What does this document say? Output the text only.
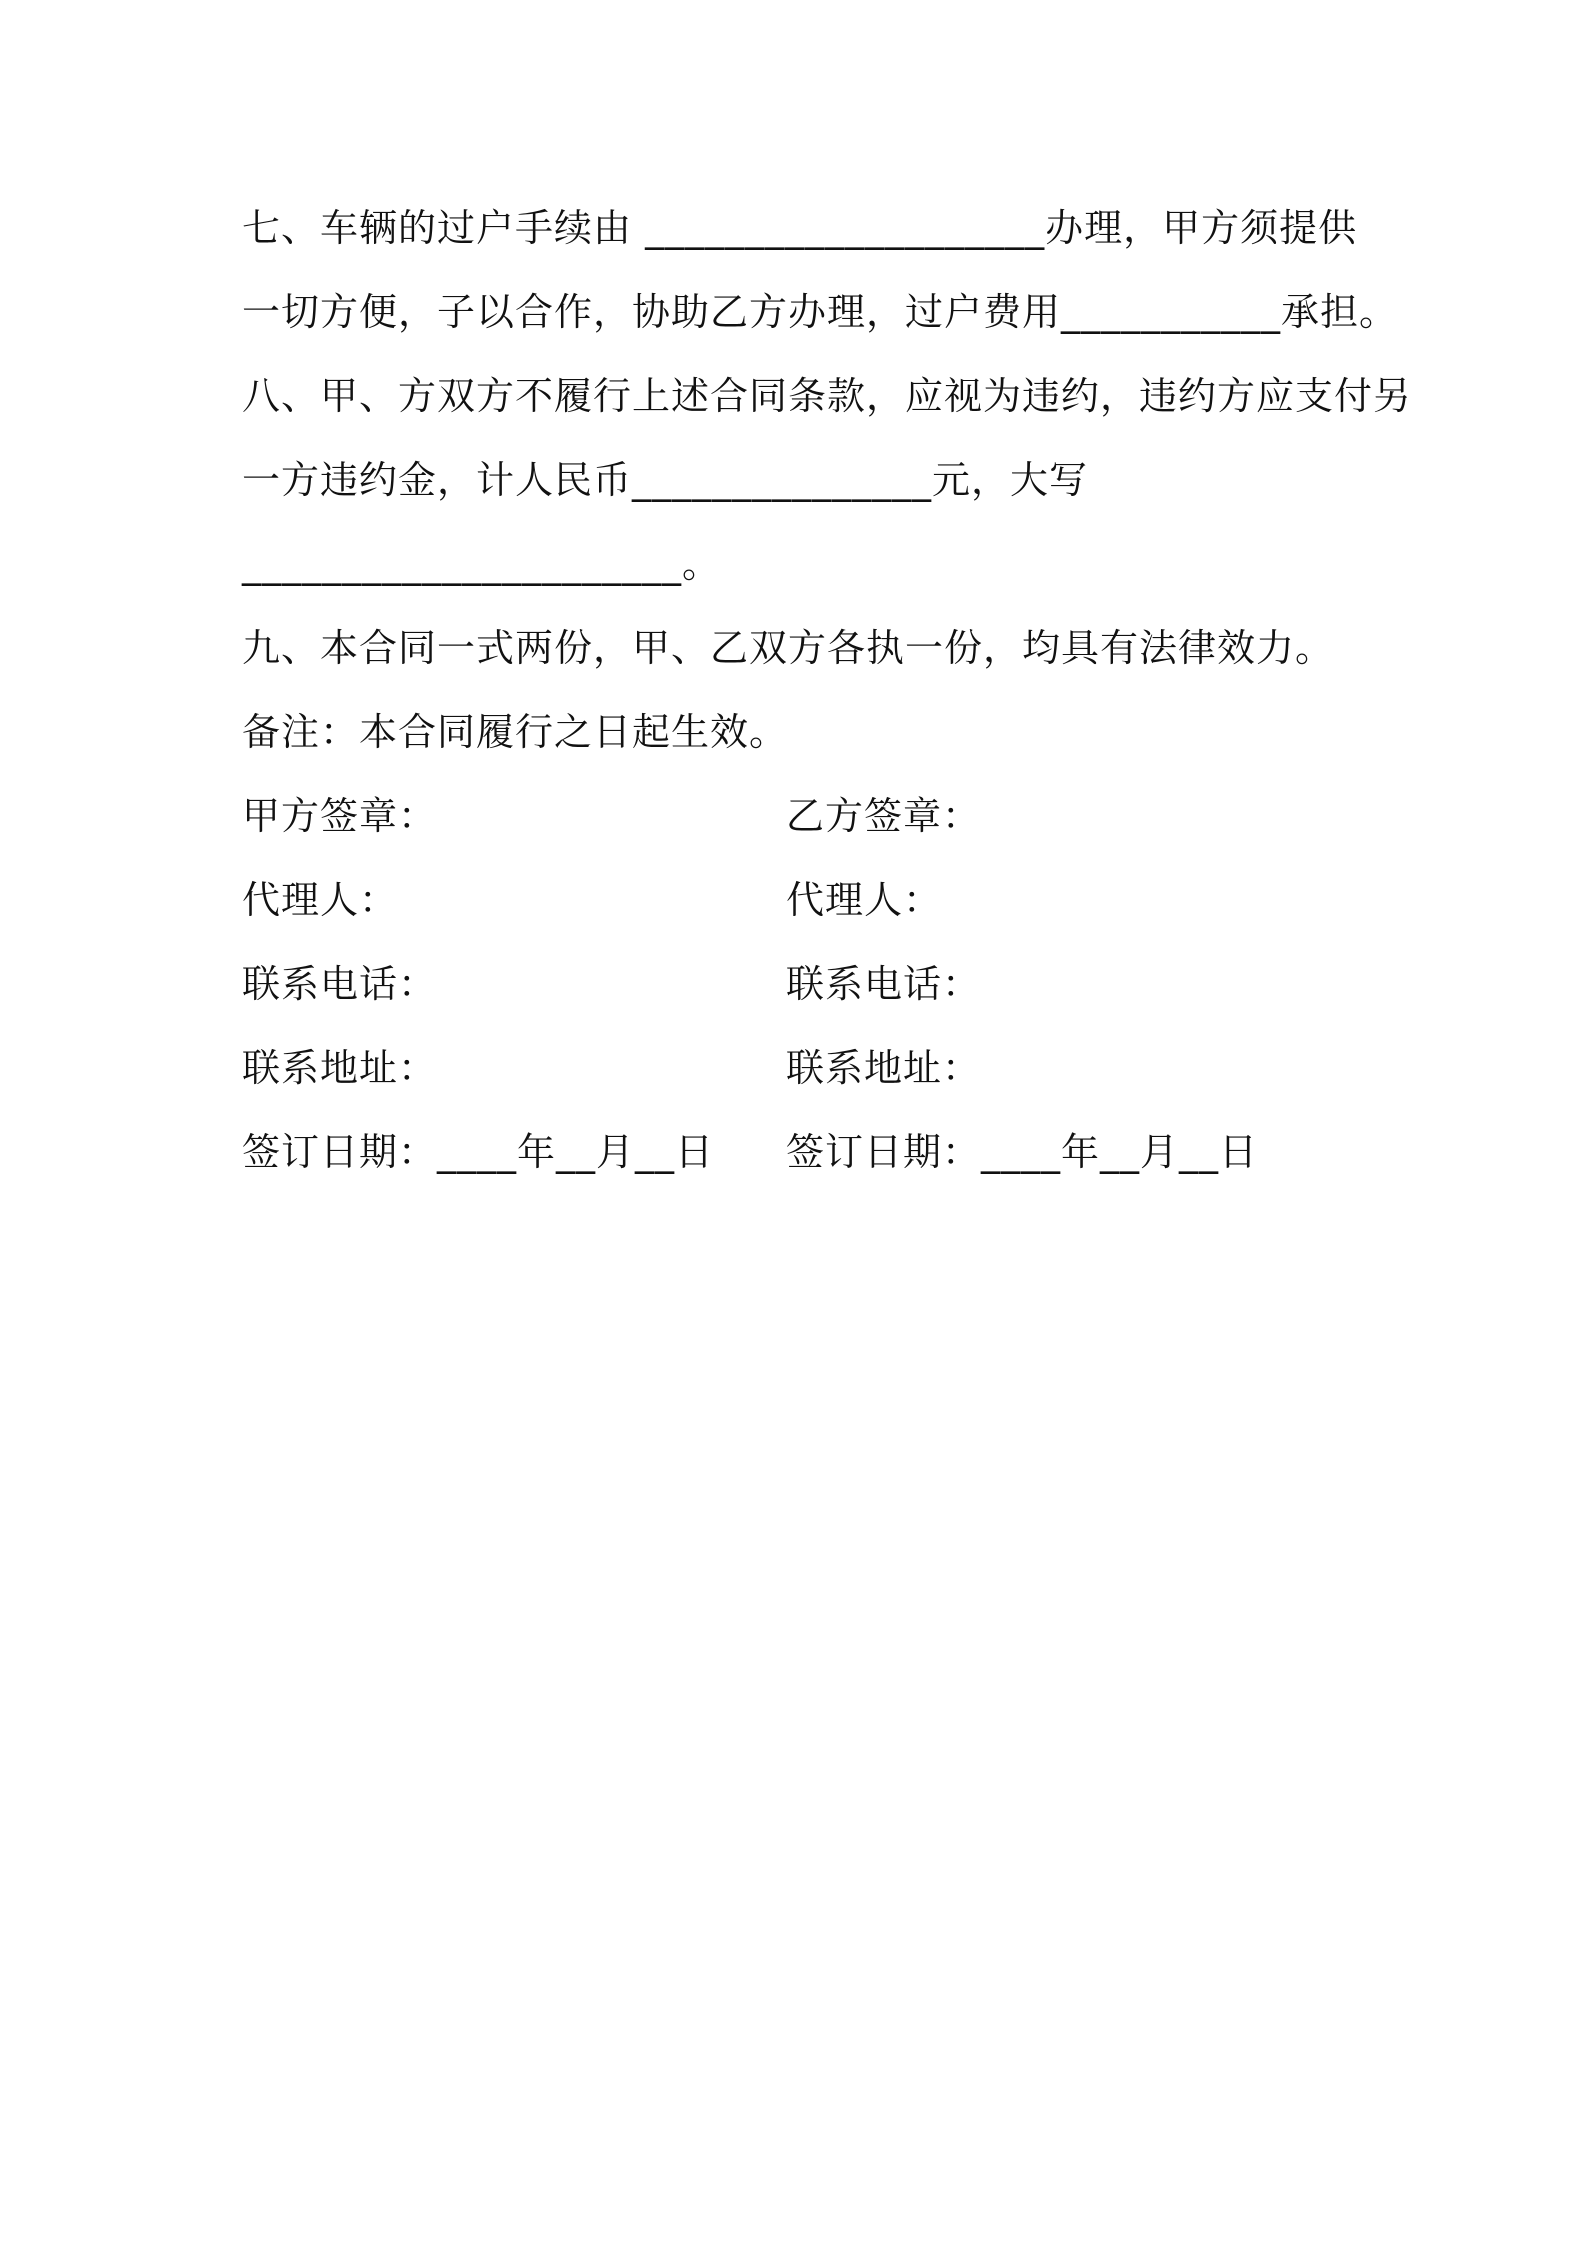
七、车辆的过户手续由 ____________________办理，甲方须提供
一切方便，子以合作，协助乙方办理，过户费用___________承担。
八、甲、方双方不履行上述合同条款，应视为违约，违约方应支付另
一方违约金，计人民币_______________元，大写
______________________。
九、本合同一式两份，甲、乙双方各执一份，均具有法律效力。
备注：本合同履行之日起生效。
甲方签章：
代理人：
联系电话：
联系地址：
签订日期：____年__月__日
乙方签章：
代理人：
联系电话：
联系地址：
签订日期：____年__月__日
